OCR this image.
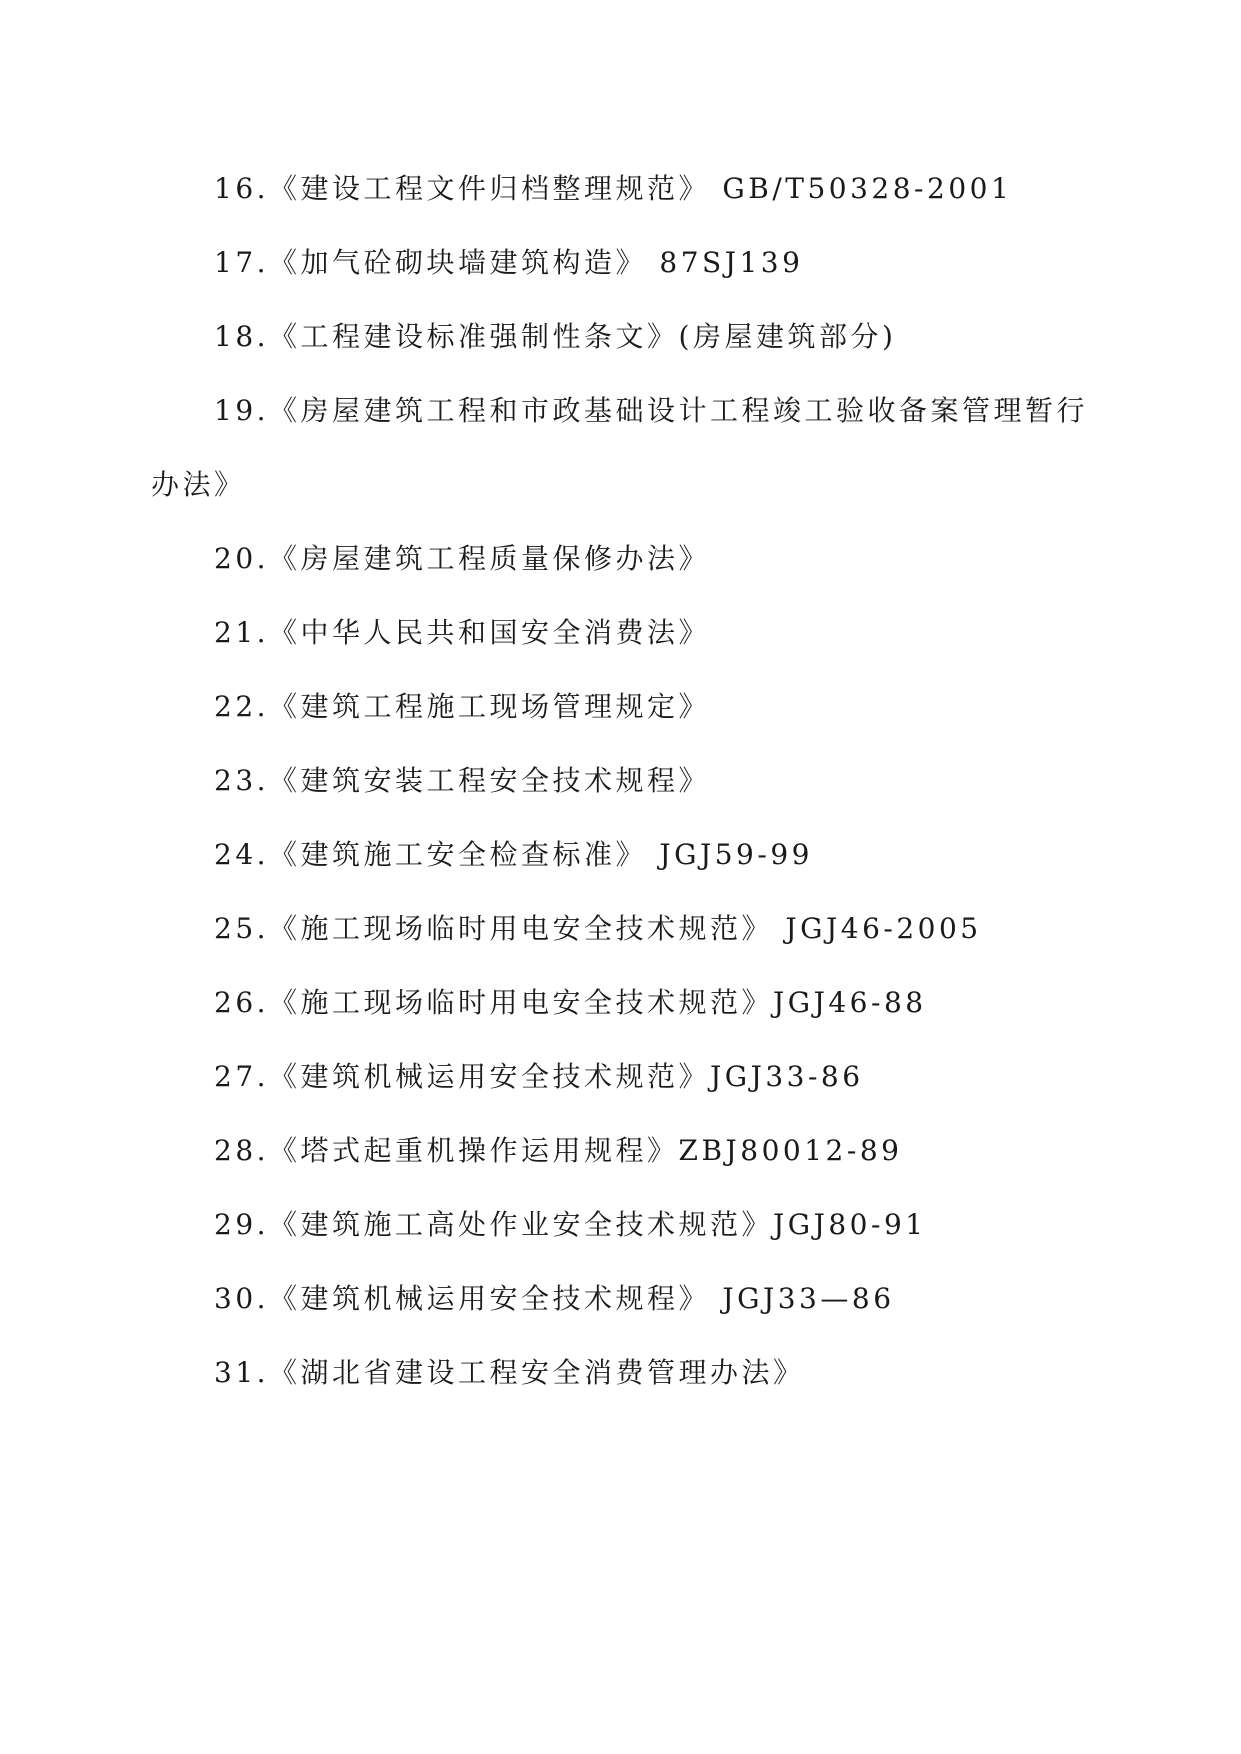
16.《建设工程文件归档整理规范》 GB/T50328-2001

17.《加气砼砌块墙建筑构造》 87SJ139

18.《工程建设标准强制性条文》(房屋建筑部分)

19.《房屋建筑工程和市政基础设计工程竣工验收备案管理暂行办法》

20.《房屋建筑工程质量保修办法》

21.《中华人民共和国安全消费法》

22.《建筑工程施工现场管理规定》

23.《建筑安装工程安全技术规程》

24.《建筑施工安全检查标准》 JGJ59-99

25.《施工现场临时用电安全技术规范》 JGJ46-2005

26.《施工现场临时用电安全技术规范》JGJ46-88

27.《建筑机械运用安全技术规范》JGJ33-86

28.《塔式起重机操作运用规程》ZBJ80012-89

29.《建筑施工高处作业安全技术规范》JGJ80-91

30.《建筑机械运用安全技术规程》 JGJ33—86

31.《湖北省建设工程安全消费管理办法》
